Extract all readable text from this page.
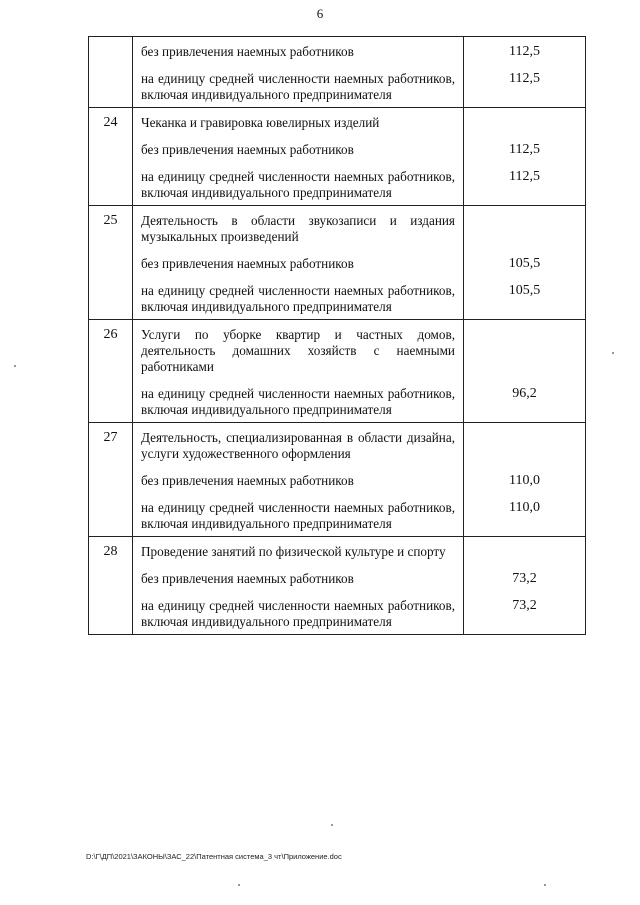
6

	без привлечения наемных работников	112,5

	на единицу средней численности наемных работников, включая индивидуального предпринимателя	112,5

24	Чеканка и гравировка ювелирных изделий	

	без привлечения наемных работников	112,5

	на единицу средней численности наемных работников, включая индивидуального предпринимателя	112,5

25	Деятельность в области звукозаписи и издания музыкальных произведений	

	без привлечения наемных работников	105,5

	на единицу средней численности наемных работников, включая индивидуального предпринимателя	105,5

26	Услуги по уборке квартир и частных домов, деятельность домашних хозяйств с наемными работниками	

	на единицу средней численности наемных работников, включая индивидуального предпринимателя	96,2

27	Деятельность, специализированная в области дизайна, услуги художественного оформления	

	без привлечения наемных работников	110,0

	на единицу средней численности наемных работников, включая индивидуального предпринимателя	110,0

28	Проведение занятий по физической культуре и спорту	

	без привлечения наемных работников	73,2

	на единицу средней численности наемных работников, включая индивидуального предпринимателя	73,2
D:\Г\ДП\2021\ЗАКОНЫ\ЗАС_22\Патентная система_3 чт\Приложение.doc
